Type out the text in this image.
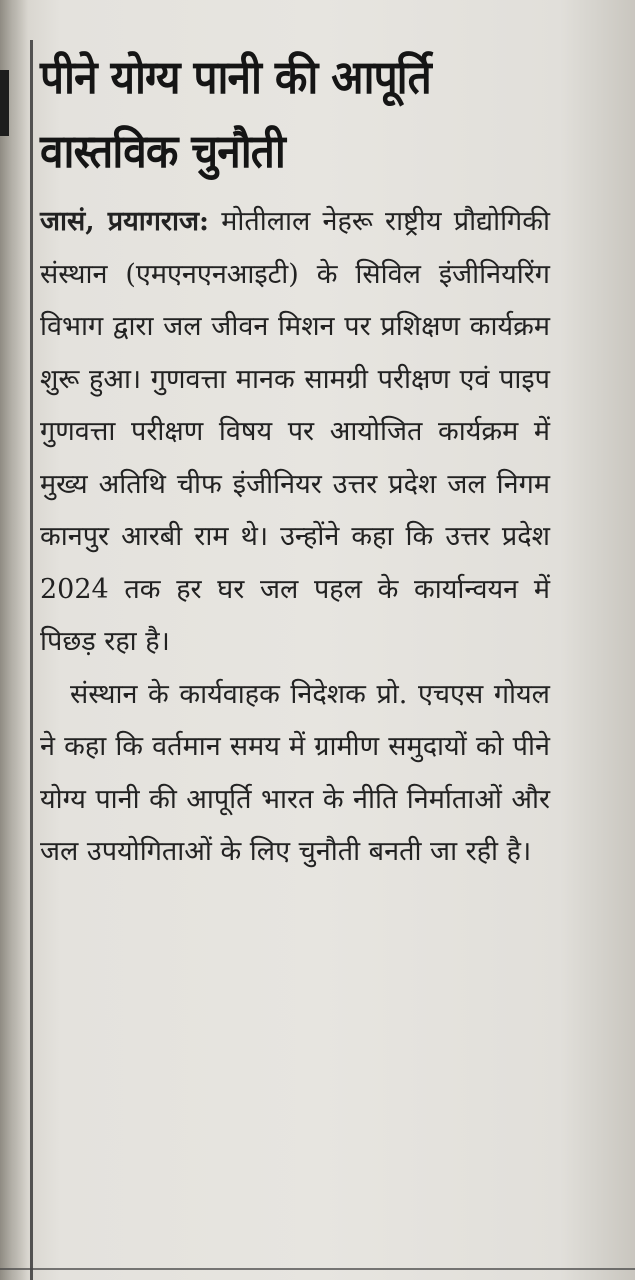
पीने योग्य पानी की आपूर्ति
वास्तविक चुनौती

जासं, प्रयागराज: मोतीलाल नेहरू राष्ट्रीय प्रौद्योगिकी संस्थान (एमएनएनआइटी) के सिविल इंजीनियरिंग विभाग द्वारा जल जीवन मिशन पर प्रशिक्षण कार्यक्रम शुरू हुआ। गुणवत्ता मानक सामग्री परीक्षण एवं पाइप गुणवत्ता परीक्षण विषय पर आयोजित कार्यक्रम में मुख्य अतिथि चीफ इंजीनियर उत्तर प्रदेश जल निगम कानपुर आरबी राम थे। उन्होंने कहा कि उत्तर प्रदेश 2024 तक हर घर जल पहल के कार्यान्वयन में पिछड़ रहा है।

संस्थान के कार्यवाहक निदेशक प्रो. एचएस गोयल ने कहा कि वर्तमान समय में ग्रामीण समुदायों को पीने योग्य पानी की आपूर्ति भारत के नीति निर्माताओं और जल उपयोगिताओं के लिए चुनौती बनती जा रही है।
